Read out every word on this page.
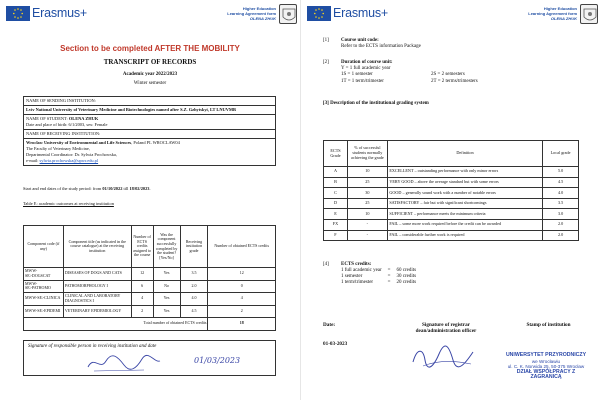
Erasmus+	Higher Education
Learning Agreement form
OLENA ZHUK
Section to be completed AFTER THE MOBILITY
TRANSCRIPT OF RECORDS
Academic year 2022/2023
Winter semester
NAME OF SENDING INSTITUTION:
Lviv National University of Veterinary Medicine and Biotechnologies named after S.Z. Gzhytskyi, LT LNUVMB
NAME OF STUDENT: OLENA ZHUK
Date and place of birth: 6/1/2003, sex: Female
NAME OF RECEIVING INSTITUTION:
Wroclaw University of Environmental and Life Sciences, Poland PL WROCLAW04
The Faculty of Veterinary Medicine,
Departmental Coordinator: Dr. Sylwia Prochowska,
e-mail: sylwia.prochowska@upwr.edu.pl
Start and end dates of the study period: from 01/10/2022 till 18/02/2023.
Table E: academic outcomes at receiving institution
Component code (if any)	Component title (as indicated in the course catalogue) at the receiving institution	Number of ECTS credits assigned to the course	Was the component successfully completed by the student? [Yes/No]	Receiving institution grade	Number of obtained ECTS credits
MWW-SE>DOGSCAT	DISEASES OF DOGS AND CATS	12	Yes	3.5	12
MWW-SE>PATHOMO	PATHOMORPHOLOGY I	6	No	2.0	0
MWW-SE>CLINICA	CLINICAL AND LABORATORY DIAGNOSTICS I	4	Yes	4.0	4
MWW-SE>EPIDEMI	VETERINARY EPIDEMIOLOGY	2	Yes	4.5	2
Total number of obtained ECTS credits					18
Signature of responsible person in receiving institution and date
01/03/2023
Erasmus+	Higher Education
Learning Agreement form
OLENA ZHUK
[1] Course unit code:
Refer to the ECTS information Package
[2] Duration of course unit:
Y = 1 full academic year
1S = 1 semester	2S = 2 semesters
1T = 1 term/trimester	2T = 2 terms/trimesters
[3] Description of the institutional grading system
ECTS Grade	% of successful students normally achieving the grade	Definition	Local grade
A	10	EXCELLENT – outstanding performance with only minor errors	5.0
B	25	VERY GOOD – above the average standard but with some errors	4.5
C	30	GOOD – generally sound work with a number of notable errors	4.0
D	25	SATISFACTORY – fair but with significant shortcomings	3.5
E	10	SUFFICIENT – performance meets the minimum criteria	3.0
FX	-	FAIL – some more work required before the credit can be awarded	2.0
F	-	FAIL – considerable further work is required	2.0
[4] ECTS credits:
1 full academic year	=	60 credits
1 semester	=	30 credits
1 term/trimester	=	20 credits
Date:
01-03-2023
Signature of registrar
dean/administration officer
Stamp of institution
UNIWERSYTET PRZYRODNICZY
we Wrocławiu
ul. C. K. Norwida 25, 50-375 Wrocław
DZIAŁ WSPÓŁPRACY Z ZAGRANICĄ
